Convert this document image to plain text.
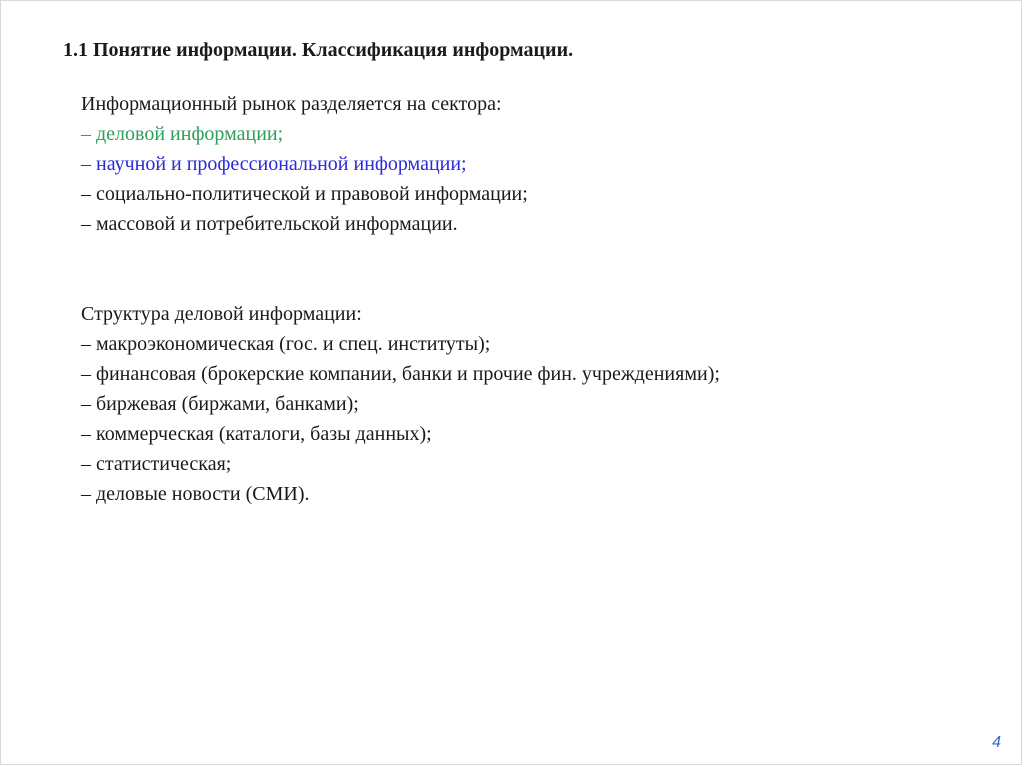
1.1 Понятие информации. Классификация информации.
Информационный рынок разделяется на сектора:
– деловой информации;
– научной и профессиональной информации;
– социально-политической и правовой информации;
– массовой и потребительской информации.
Структура деловой информации:
– макроэкономическая (гос. и спец. институты);
– финансовая (брокерские компании, банки и прочие фин. учреждениями);
– биржевая (биржами, банками);
– коммерческая (каталоги, базы данных);
– статистическая;
– деловые новости (СМИ).
4
